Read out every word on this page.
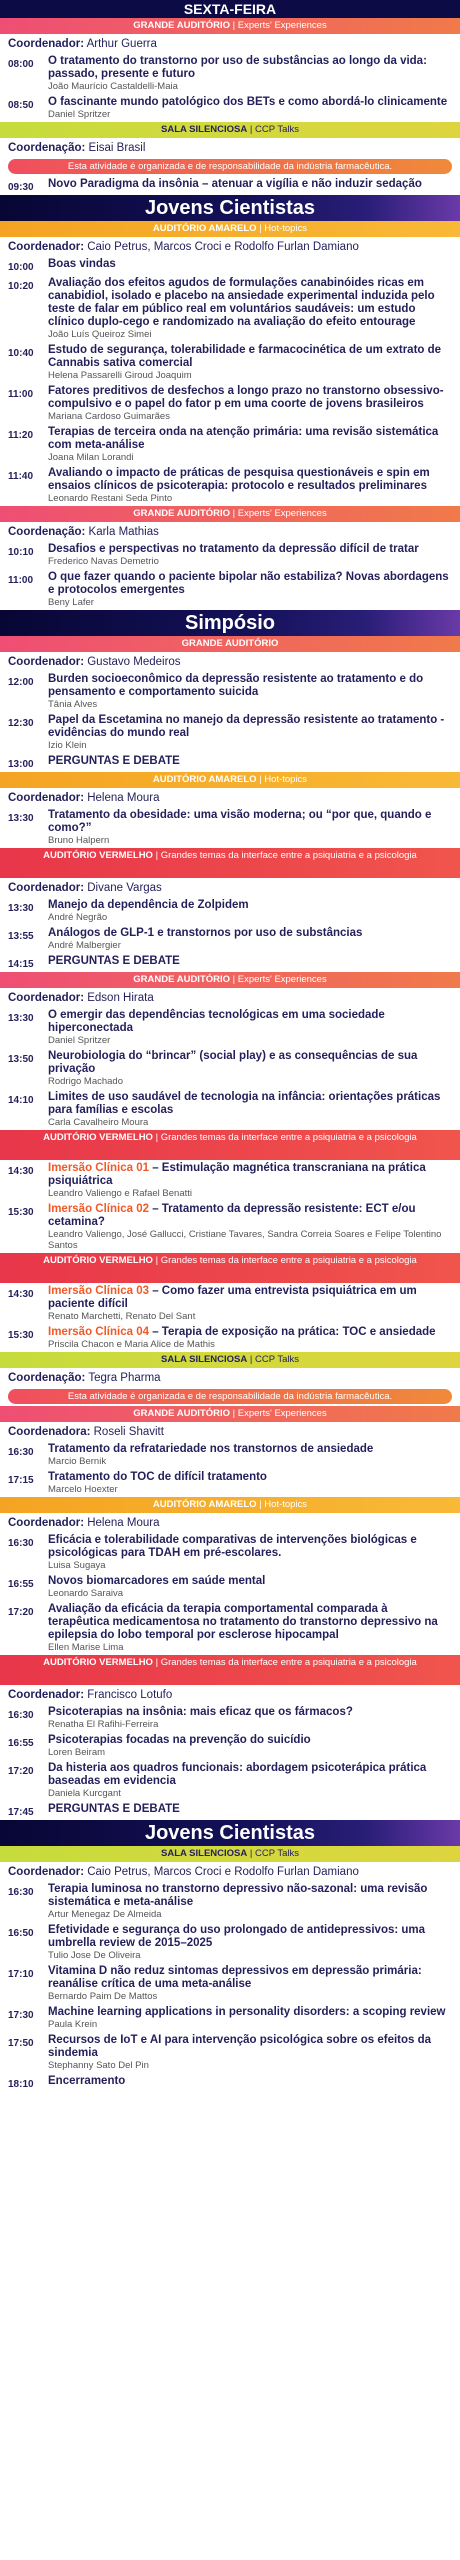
SEXTA-FEIRA
GRANDE AUDITÓRIO | Experts' Experiences
Coordenador: Arthur Guerra
08:00	O tratamento do transtorno por uso de substâncias ao longo da vida: passado, presente e futuro
João Maurício Castaldelli-Maia
08:50	O fascinante mundo patológico dos BETs e como abordá-lo clinicamente
Daniel Spritzer
SALA SILENCIOSA | CCP Talks
Coordenação: Eisai Brasil
Esta atividade é organizada e de responsabilidade da indústria farmacêutica.
09:30	Novo Paradigma da insônia – atenuar a vigília e não induzir sedação
Jovens Cientistas
AUDITÓRIO AMARELO | Hot-topics
Coordenador: Caio Petrus, Marcos Croci e Rodolfo Furlan Damiano
10:00	Boas vindas
10:20	Avaliação dos efeitos agudos de formulações canabinóides ricas em canabidiol, isolado e placebo na ansiedade experimental induzida pelo teste de falar em público real em voluntários saudáveis: um estudo clínico duplo-cego e randomizado na avaliação do efeito entourage
João Luís Queiroz Simei
10:40	Estudo de segurança, tolerabilidade e farmacocinética de um extrato de Cannabis sativa comercial
Helena Passarelli Giroud Joaquim
11:00	Fatores preditivos de desfechos a longo prazo no transtorno obsessivo-compulsivo e o papel do fator p em uma coorte de jovens brasileiros
Mariana Cardoso Guimarães
11:20	Terapias de terceira onda na atenção primária: uma revisão sistemática com meta-análise
Joana Milan Lorandi
11:40	Avaliando o impacto de práticas de pesquisa questionáveis e spin em ensaios clínicos de psicoterapia: protocolo e resultados preliminares
Leonardo Restani Seda Pinto
GRANDE AUDITÓRIO | Experts' Experiences
Coordenação: Karla Mathias
10:10	Desafios e perspectivas no tratamento da depressão difícil de tratar
Frederico Navas Demetrio
11:00	O que fazer quando o paciente bipolar não estabiliza? Novas abordagens e protocolos emergentes
Beny Lafer
Simpósio
GRANDE AUDITÓRIO
Coordenador: Gustavo Medeiros
12:00	Burden socioeconômico da depressão resistente ao tratamento e do pensamento e comportamento suicida
Tânia Alves
12:30	Papel da Escetamina no manejo da depressão resistente ao tratamento - evidências do mundo real
Izio Klein
13:00	PERGUNTAS E DEBATE
AUDITÓRIO AMARELO | Hot-topics
Coordenador: Helena Moura
13:30	Tratamento da obesidade: uma visão moderna; ou “por que, quando e como?”
Bruno Halpern
AUDITÓRIO VERMELHO | Grandes temas da interface entre a psiquiatria e a psicologia
Coordenador: Divane Vargas
13:30	Manejo da dependência de Zolpidem
André Negrão
13:55	Análogos de GLP-1 e transtornos por uso de substâncias
André Malbergier
14:15	PERGUNTAS E DEBATE
GRANDE AUDITÓRIO | Experts' Experiences
Coordenador: Edson Hirata
13:30	O emergir das dependências tecnológicas em uma sociedade hiperconectada
Daniel Spritzer
13:50	Neurobiologia do “brincar” (social play) e as consequências de sua privação
Rodrigo Machado
14:10	Limites de uso saudável de tecnologia na infância: orientações práticas para famílias e escolas
Carla Cavalheiro Moura
AUDITÓRIO VERMELHO | Grandes temas da interface entre a psiquiatria e a psicologia
14:30	Imersão Clínica 01 – Estimulação magnética transcraniana na prática psiquiátrica
Leandro Valiengo e Rafael Benatti
15:30	Imersão Clínica 02 – Tratamento da depressão resistente: ECT e/ou cetamina?
Leandro Valiengo, José Gallucci, Cristiane Tavares, Sandra Correia Soares e Felipe Tolentino Santos
AUDITÓRIO VERMELHO | Grandes temas da interface entre a psiquiatria e a psicologia
14:30	Imersão Clínica 03 – Como fazer uma entrevista psiquiátrica em um paciente difícil
Renato Marchetti, Renato Del Sant
15:30	Imersão Clínica 04 – Terapia de exposição na prática: TOC e ansiedade
Priscila Chacon e Maria Alice de Mathis
SALA SILENCIOSA | CCP Talks
Coordenação: Tegra Pharma
Esta atividade é organizada e de responsabilidade da indústria farmacêutica.
GRANDE AUDITÓRIO | Experts' Experiences
Coordenadora: Roseli Shavitt
16:30	Tratamento da refratariedade nos transtornos de ansiedade
Marcio Bernik
17:15	Tratamento do TOC de difícil tratamento
Marcelo Hoexter
AUDITÓRIO AMARELO | Hot-topics
Coordenador: Helena Moura
16:30	Eficácia e tolerabilidade comparativas de intervenções biológicas e psicológicas para TDAH em pré-escolares.
Luisa Sugaya
16:55	Novos biomarcadores em saúde mental
Leonardo Saraiva
17:20	Avaliação da eficácia da terapia comportamental comparada à terapêutica medicamentosa no tratamento do transtorno depressivo na epilepsia do lobo temporal por esclerose hipocampal
Ellen Marise Lima
AUDITÓRIO VERMELHO | Grandes temas da interface entre a psiquiatria e a psicologia
Coordenador: Francisco Lotufo
16:30	Psicoterapias na insônia: mais eficaz que os fármacos?
Renatha El Rafihi-Ferreira
16:55	Psicoterapias focadas na prevenção do suicídio
Loren Beiram
17:20	Da histeria aos quadros funcionais: abordagem psicoterápica prática baseadas em evidencia
Daniela Kurcgant
17:45	PERGUNTAS E DEBATE
Jovens Cientistas
SALA SILENCIOSA | CCP Talks
Coordenador: Caio Petrus, Marcos Croci e Rodolfo Furlan Damiano
16:30	Terapia luminosa no transtorno depressivo não-sazonal: uma revisão sistemática e meta-análise
Artur Menegaz De Almeida
16:50	Efetividade e segurança do uso prolongado de antidepressivos: uma umbrella review de 2015–2025
Tulio Jose De Oliveira
17:10	Vitamina D não reduz sintomas depressivos em depressão primária: reanálise crítica de uma meta-análise
Bernardo Paim De Mattos
17:30	Machine learning applications in personality disorders: a scoping review
Paula Krein
17:50	Recursos de IoT e AI para intervenção psicológica sobre os efeitos da sindemia
Stephanny Sato Del Pin
18:10	Encerramento
